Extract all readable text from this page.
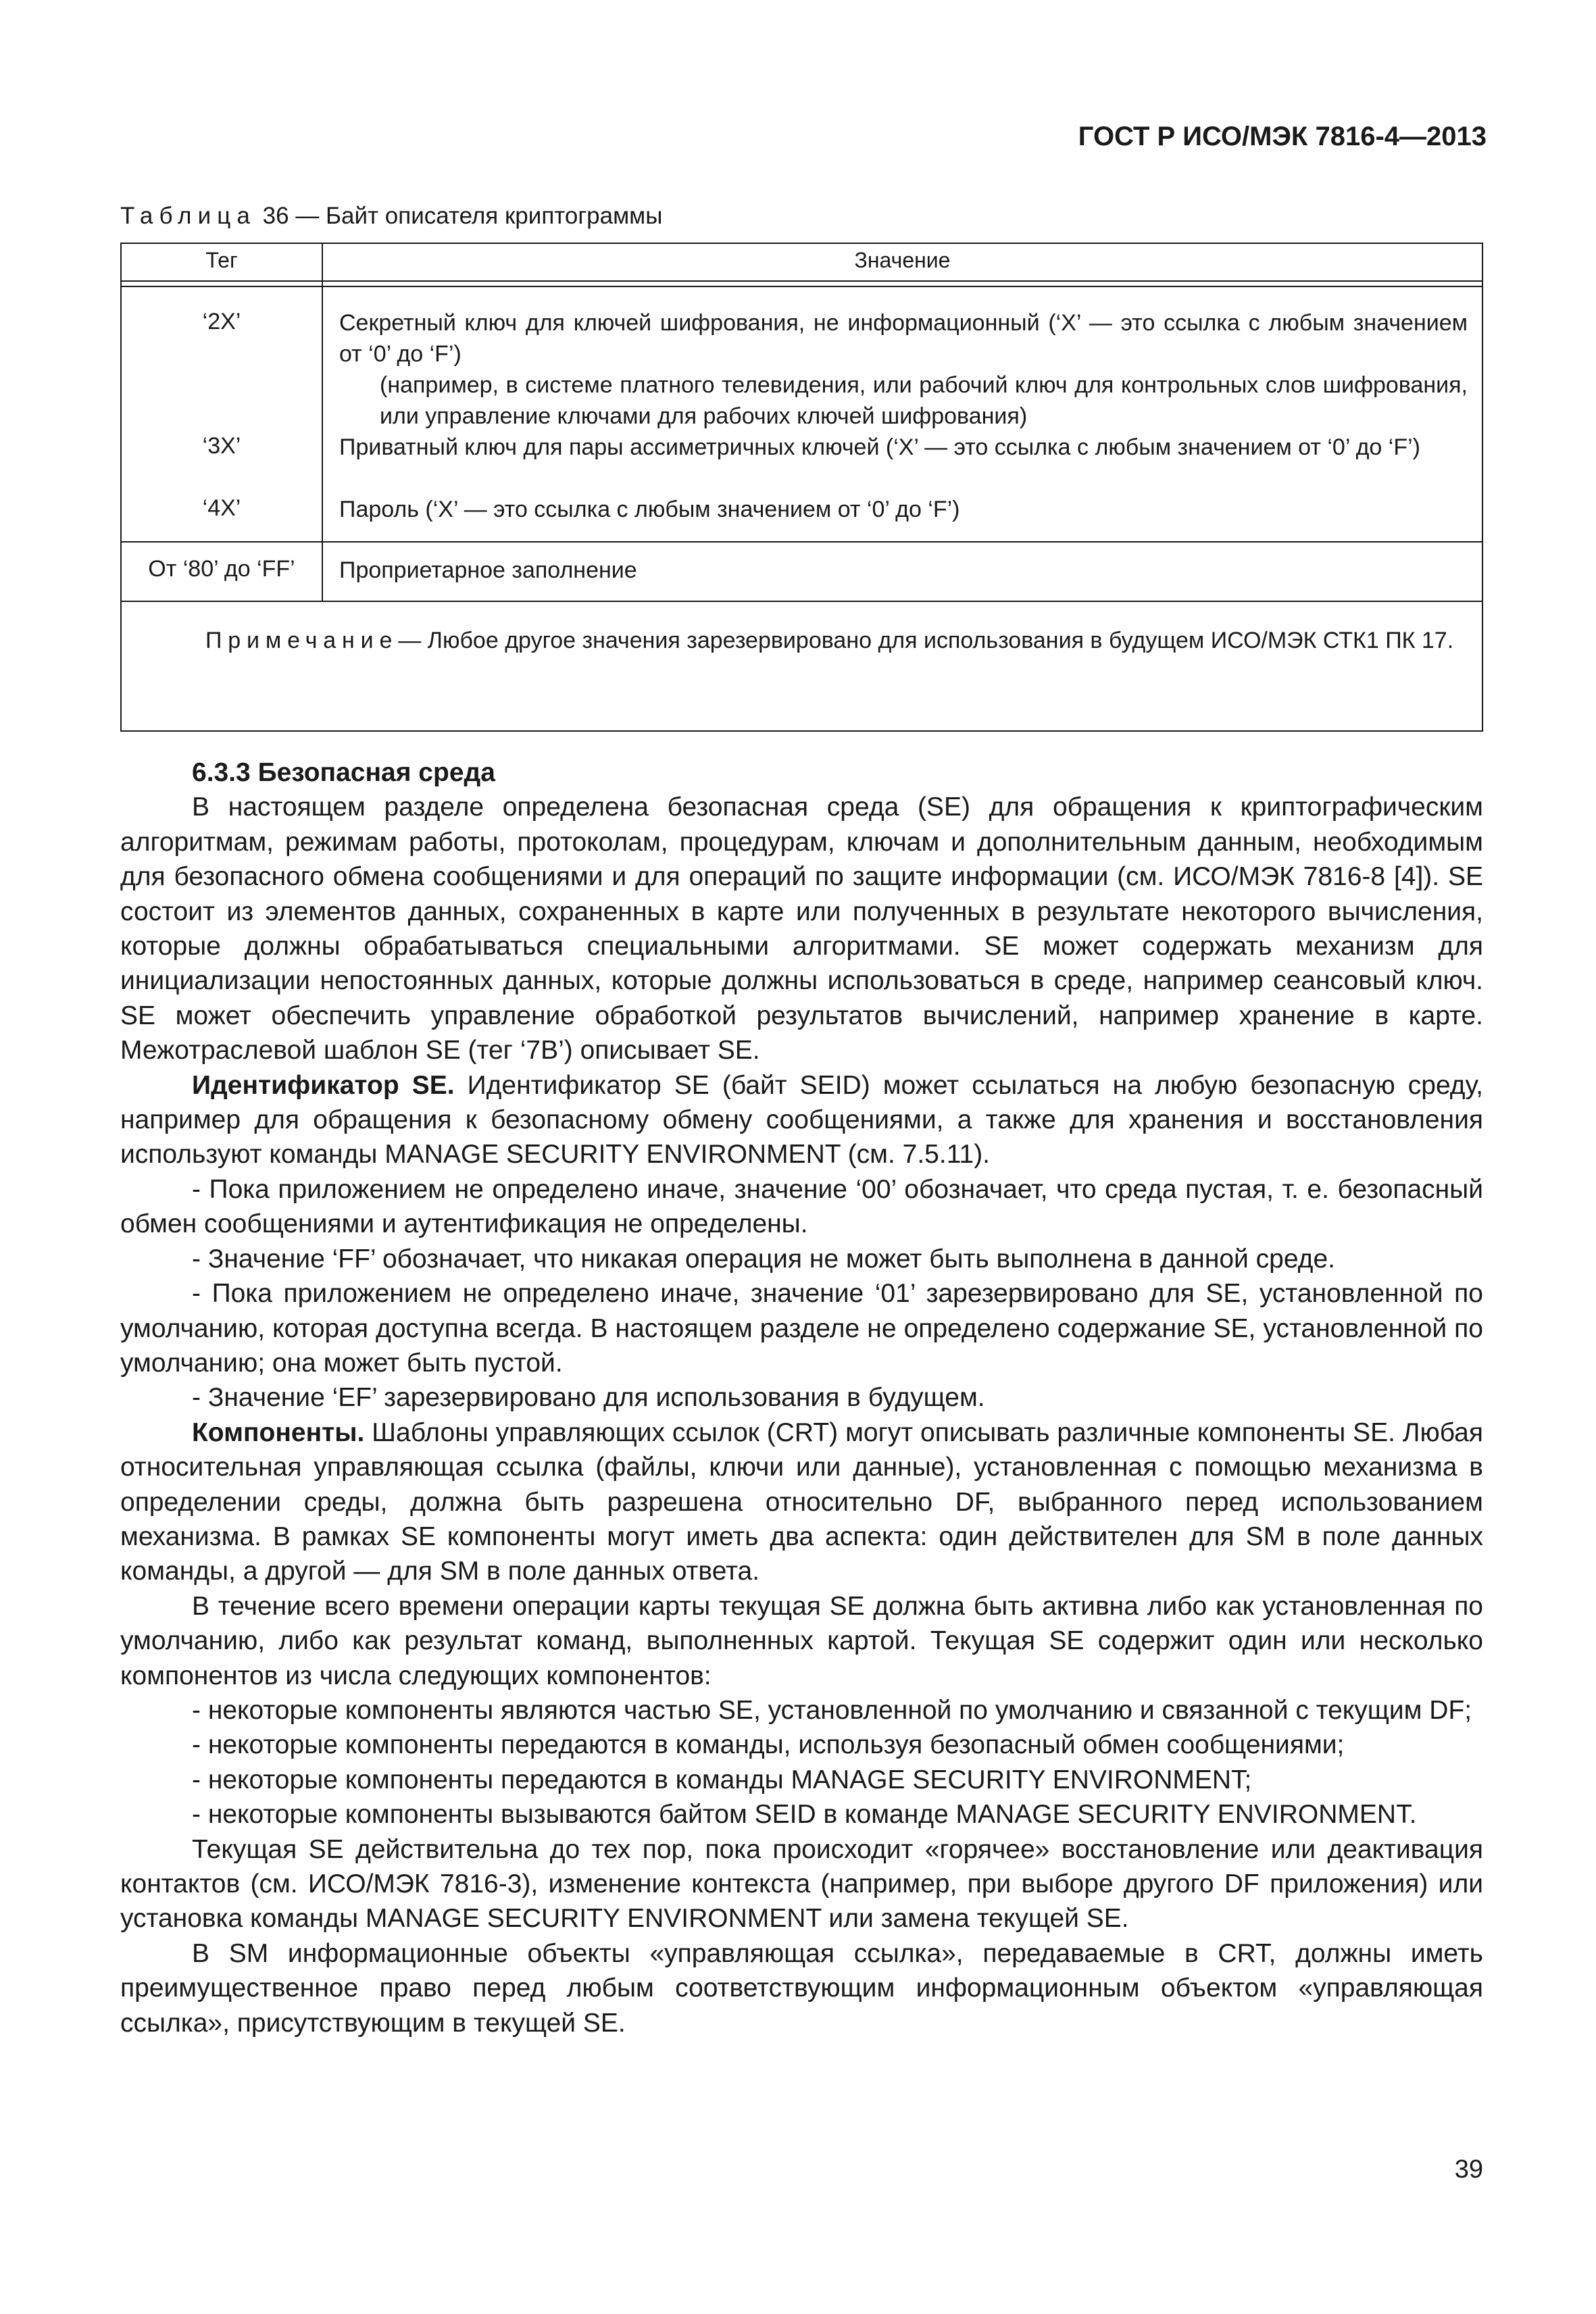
ГОСТ Р ИСО/МЭК 7816-4—2013
Таблица 36 — Байт описателя криптограммы
Тег	Значение
‘2X’	Секретный ключ для ключей шифрования, не информационный (‘X’ — это ссылка с любым значением от ‘0’ до ‘F’)
(например, в системе платного телевидения, или рабочий ключ для контрольных слов шифрования, или управление ключами для рабочих ключей шифрования)
‘3X’	Приватный ключ для пары ассиметричных ключей (‘X’ — это ссылка с любым значением от ‘0’ до ‘F’)
‘4X’	Пароль (‘X’ — это ссылка с любым значением от ‘0’ до ‘F’)
От ‘80’ до ‘FF’	Проприетарное заполнение
Примечание— Любое другое значения зарезервировано для использования в будущем ИСО/МЭК СТК1 ПК 17.

6.3.3 Безопасная среда

В настоящем разделе определена безопасная среда (SE) для обращения к криптографическим алгоритмам, режимам работы, протоколам, процедурам, ключам и дополнительным данным, необходимым для безопасного обмена сообщениями и для операций по защите информации (см. ИСО/МЭК 7816-8 [4]). SE состоит из элементов данных, сохраненных в карте или полученных в результате некоторого вычисления, которые должны обрабатываться специальными алгоритмами. SE может содержать механизм для инициализации непостоянных данных, которые должны использоваться в среде, например сеансовый ключ. SE может обеспечить управление обработкой результатов вычислений, например хранение в карте. Межотраслевой шаблон SE (тег ‘7B’) описывает SE.

Идентификатор SE. Идентификатор SE (байт SEID) может ссылаться на любую безопасную среду, например для обращения к безопасному обмену сообщениями, а также для хранения и восстановления используют команды MANAGE SECURITY ENVIRONMENT (см. 7.5.11).

- Пока приложением не определено иначе, значение ‘00’ обозначает, что среда пустая, т. е. безопасный обмен сообщениями и аутентификация не определены.

- Значение ‘FF’ обозначает, что никакая операция не может быть выполнена в данной среде.

- Пока приложением не определено иначе, значение ‘01’ зарезервировано для SE, установленной по умолчанию, которая доступна всегда. В настоящем разделе не определено содержание SE, установленной по умолчанию; она может быть пустой.

- Значение ‘EF’ зарезервировано для использования в будущем.

Компоненты. Шаблоны управляющих ссылок (CRT) могут описывать различные компоненты SE. Любая относительная управляющая ссылка (файлы, ключи или данные), установленная с помощью механизма в определении среды, должна быть разрешена относительно DF, выбранного перед использованием механизма. В рамках SE компоненты могут иметь два аспекта: один действителен для SM в поле данных команды, а другой — для SM в поле данных ответа.

В течение всего времени операции карты текущая SE должна быть активна либо как установленная по умолчанию, либо как результат команд, выполненных картой. Текущая SE содержит один или несколько компонентов из числа следующих компонентов:

- некоторые компоненты являются частью SE, установленной по умолчанию и связанной с текущим DF;

- некоторые компоненты передаются в команды, используя безопасный обмен сообщениями;

- некоторые компоненты передаются в команды MANAGE SECURITY ENVIRONMENT;

- некоторые компоненты вызываются байтом SEID в команде MANAGE SECURITY ENVIRONMENT.

Текущая SE действительна до тех пор, пока происходит «горячее» восстановление или деактивация контактов (см. ИСО/МЭК 7816-3), изменение контекста (например, при выборе другого DF приложения) или установка команды MANAGE SECURITY ENVIRONMENT или замена текущей SE.

В SM информационные объекты «управляющая ссылка», передаваемые в CRT, должны иметь преимущественное право перед любым соответствующим информационным объектом «управляющая ссылка», присутствующим в текущей SE.

39
